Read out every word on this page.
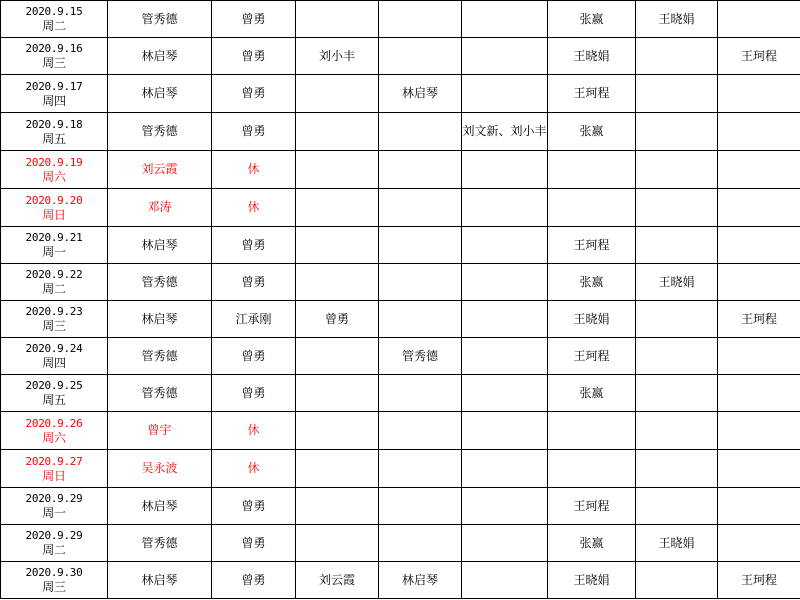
2020.9.15
周二	管秀德	曾勇				张嬴	王晓娟	

2020.9.16
周三	林启琴	曾勇	刘小丰			王晓娟		王珂程

2020.9.17
周四	林启琴	曾勇		林启琴		王珂程		

2020.9.18
周五	管秀德	曾勇			刘文新、刘小丰	张嬴		

2020.9.19
周六	刘云霞	休						

2020.9.20
周日	邓涛	休						

2020.9.21
周一	林启琴	曾勇				王珂程		

2020.9.22
周二	管秀德	曾勇				张嬴	王晓娟	

2020.9.23
周三	林启琴	江承刚	曾勇			王晓娟		王珂程

2020.9.24
周四	管秀德	曾勇		管秀德		王珂程		

2020.9.25
周五	管秀德	曾勇				张嬴		

2020.9.26
周六	曾宇	休						

2020.9.27
周日	吴永波	休						

2020.9.29
周一	林启琴	曾勇				王珂程		

2020.9.29
周二	管秀德	曾勇				张嬴	王晓娟	

2020.9.30
周三	林启琴	曾勇	刘云霞	林启琴		王晓娟		王珂程
